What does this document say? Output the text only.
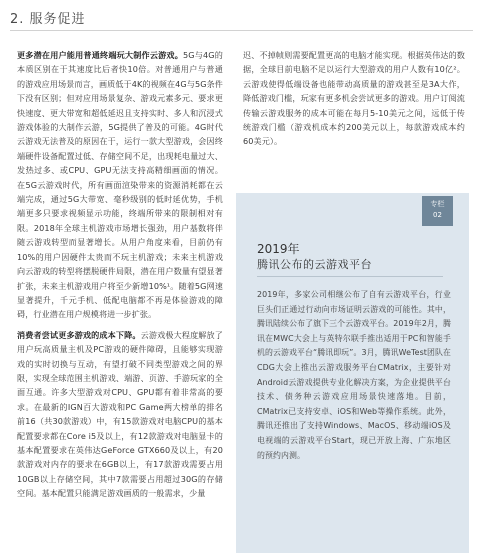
2. 服务促进

更多潜在用户能用普通终端玩大制作云游戏。5G与4G的本质区别在于其速度比后者快10倍。对普通用户与普通的游戏应用场景而言，画质低于4K的视频在4G与5G条件下没有区别；但对应用场景复杂、游戏元素多元、要求更快速度、更大带宽和超低延迟且支持实时、多人和沉浸式游戏体验的大制作云游，5G提供了普及的可能。4G时代云游戏无法普及的原因在于，运行一款大型游戏，会因终端硬件设备配置过低、存储空间不足，出现耗电量过大、发热过多、或CPU、GPU无法支持高精细画面的情况。在5G云游戏时代，所有画面渲染带来的资源消耗都在云端完成，通过5G大带宽、毫秒级别的低时延优势，手机端更多只要求视频显示功能，终端所带来的限制相对有限。2018年全球主机游戏市场增长强劲，用户基数将伴随云游戏转型而显著增长。从用户角度来看，目前仍有10%的用户因硬件太贵而不玩主机游戏；未来主机游戏向云游戏的转型将摆脱硬件局限，潜在用户数量有望显著扩张，未来主机游戏用户将至少新增10%¹。随着5G网速显著提升，千元手机、低配电脑都不再是体验游戏的障碍，行业潜在用户规模将进一步扩张。

消费者尝试更多游戏的成本下降。云游戏极大程度解放了用户玩高质量主机及PC游戏的硬件障碍，且能够实现游戏的实时切换与互动，有望打破不同类型游戏之间的界限，实现全球范围主机游戏、端游、页游、手游玩家的全面互通。许多大型游戏对CPU、GPU都有着非常高的要求。在最新的IGN百大游戏和PC Game两大榜单的排名前16（共30款游戏）中，有15款游戏对电脑CPU的基本配置要求都在Core i5及以上，有12款游戏对电脑显卡的基本配置要求在英伟达GeForce GTX660及以上，有20款游戏对内存的要求在6GB以上，有17款游戏需要占用10GB以上存储空间，其中7款需要占用超过30G的存储空间。基本配置只能满足游戏画质的一般需求，少量

迟、不掉帧则需要配置更高的电脑才能实现。根据英伟达的数据，全球目前电脑不足以运行大型游戏的用户人数有10亿²。云游戏使得低端设备也能带动高质量的游戏甚至是3A大作，降低游戏门槛，玩家有更多机会尝试更多的游戏。用户订阅流传输云游戏服务的成本可能在每月5-10美元之间，远低于传统游戏门槛（游戏机成本约200美元以上，每款游戏成本约60美元）。
专栏
02
2019年
腾讯公布的云游戏平台
2019年，多家公司相继公布了自有云游戏平台，行业巨头们正通过行动向市场证明云游戏的可能性。其中，腾讯陆续公布了旗下三个云游戏平台。2019年2月，腾讯在MWC大会上与英特尔联手推出适用于PC和智能手机的云游戏平台“腾讯即玩”。3月，腾讯WeTest团队在CDG大会上推出云游戏服务平台CMatrix，主要针对Android云游戏提供专业化解决方案，为企业提供平台技术、债务种云游戏应用场景快速落地。目前，CMatrix已支持安卓、iOS和Web等操作系统。此外，腾讯还推出了支持Windows、MacOS、移动端iOS及电视端的云游戏平台Start，现已开放上海、广东地区的预约内测。
